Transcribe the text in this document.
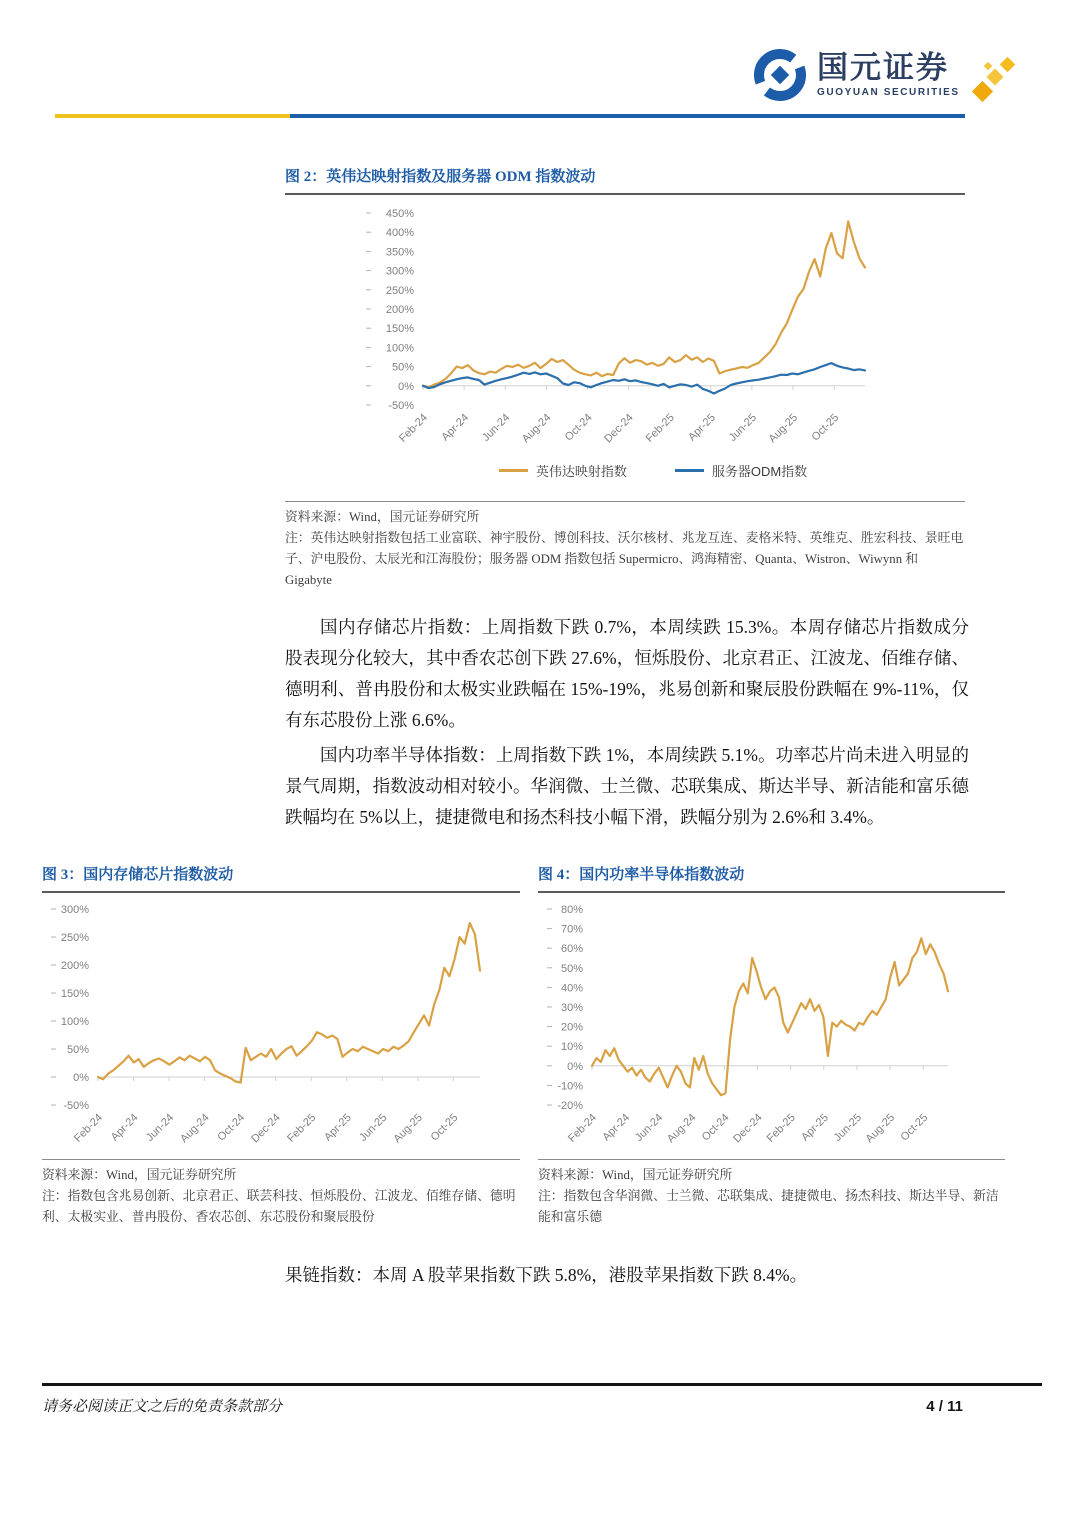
国元证券
GUOYUAN SECURITIES
图 2：英伟达映射指数及服务器 ODM 指数波动
450%
400%
350%
300%
250%
200%
150%
100%
50%
0%
-50%
Feb-24 Apr-24 Jun-24 Aug-24 Oct-24 Dec-24 Feb-25 Apr-25 Jun-25 Aug-25 Oct-25
英伟达映射指数	服务器ODM指数
资料来源：Wind，国元证券研究所
注：英伟达映射指数包括工业富联、神宇股份、博创科技、沃尔核材、兆龙互连、麦格米特、英维克、胜宏科技、景旺电子、沪电股份、太辰光和江海股份；服务器 ODM 指数包括 Supermicro、鸿海精密、Quanta、Wistron、Wiwynn 和 Gigabyte
国内存储芯片指数：上周指数下跌 0.7%，本周续跌 15.3%。本周存储芯片指数成分股表现分化较大，其中香农芯创下跌 27.6%，恒烁股份、北京君正、江波龙、佰维存储、德明利、普冉股份和太极实业跌幅在 15%-19%，兆易创新和聚辰股份跌幅在 9%-11%，仅有东芯股份上涨 6.6%。
国内功率半导体指数：上周指数下跌 1%，本周续跌 5.1%。功率芯片尚未进入明显的景气周期，指数波动相对较小。华润微、士兰微、芯联集成、斯达半导、新洁能和富乐德跌幅均在 5%以上，捷捷微电和扬杰科技小幅下滑，跌幅分别为 2.6%和 3.4%。
图 3：国内存储芯片指数波动
300%
250%
200%
150%
100%
50%
0%
-50%
Feb-24 Apr-24 Jun-24 Aug-24 Oct-24 Dec-24 Feb-25 Apr-25 Jun-25 Aug-25 Oct-25
资料来源：Wind，国元证券研究所
注：指数包含兆易创新、北京君正、联芸科技、恒烁股份、江波龙、佰维存储、德明利、太极实业、普冉股份、香农芯创、东芯股份和聚辰股份
图 4：国内功率半导体指数波动
80%
70%
60%
50%
40%
30%
20%
10%
0%
-10%
-20%
Feb-24 Apr-24 Jun-24 Aug-24 Oct-24 Dec-24 Feb-25 Apr-25 Jun-25 Aug-25 Oct-25
资料来源：Wind，国元证券研究所
注：指数包含华润微、士兰微、芯联集成、捷捷微电、扬杰科技、斯达半导、新洁能和富乐德
果链指数：本周 A 股苹果指数下跌 5.8%，港股苹果指数下跌 8.4%。
请务必阅读正文之后的免责条款部分	4 / 11
